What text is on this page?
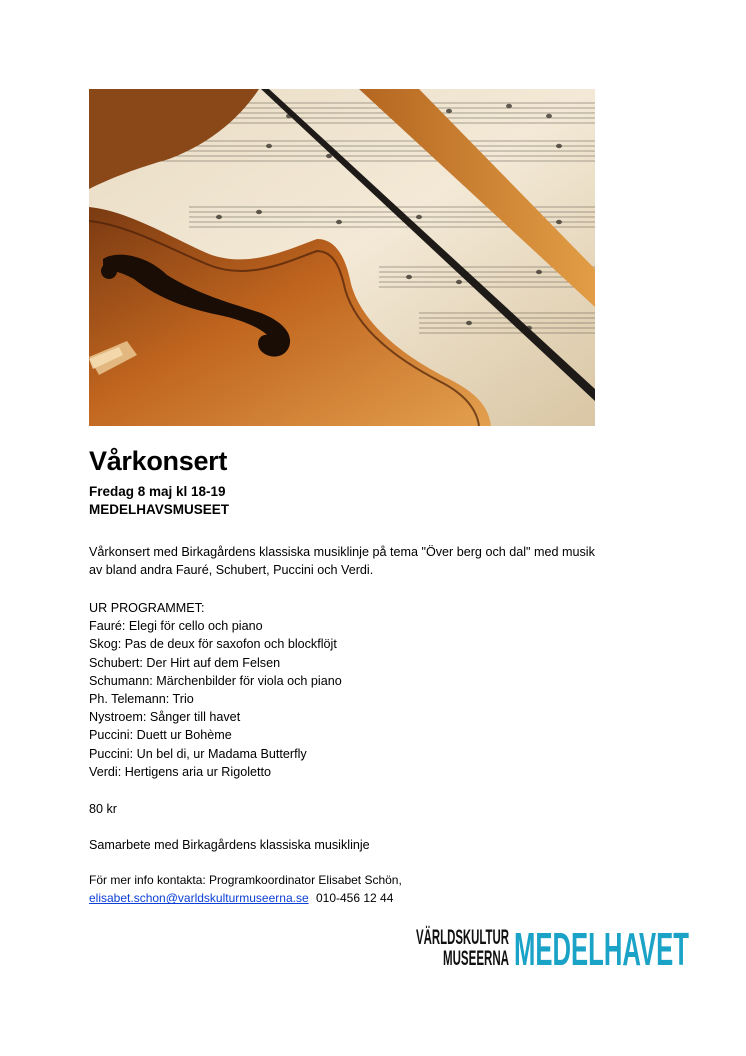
Vårkonsert
Fredag 8 maj kl 18-19
MEDELHAVSMUSEET
Vårkonsert med Birkagårdens klassiska musiklinje på tema "Över berg och dal" med musik
av bland andra Fauré, Schubert, Puccini och Verdi.
UR PROGRAMMET:
Fauré: Elegi för cello och piano
Skog: Pas de deux för saxofon och blockflöjt
Schubert: Der Hirt auf dem Felsen
Schumann: Märchenbilder för viola och piano
Ph. Telemann: Trio
Nystroem: Sånger till havet
Puccini: Duett ur Bohème
Puccini: Un bel di, ur Madama Butterfly
Verdi: Hertigens aria ur Rigoletto
80 kr
Samarbete med Birkagårdens klassiska musiklinje
För mer info kontakta: Programkoordinator Elisabet Schön,
elisabet.schon@varldskulturmuseerna.se 010-456 12 44
VÄRLDSKULTUR
MUSEERNA MEDELHAVET
